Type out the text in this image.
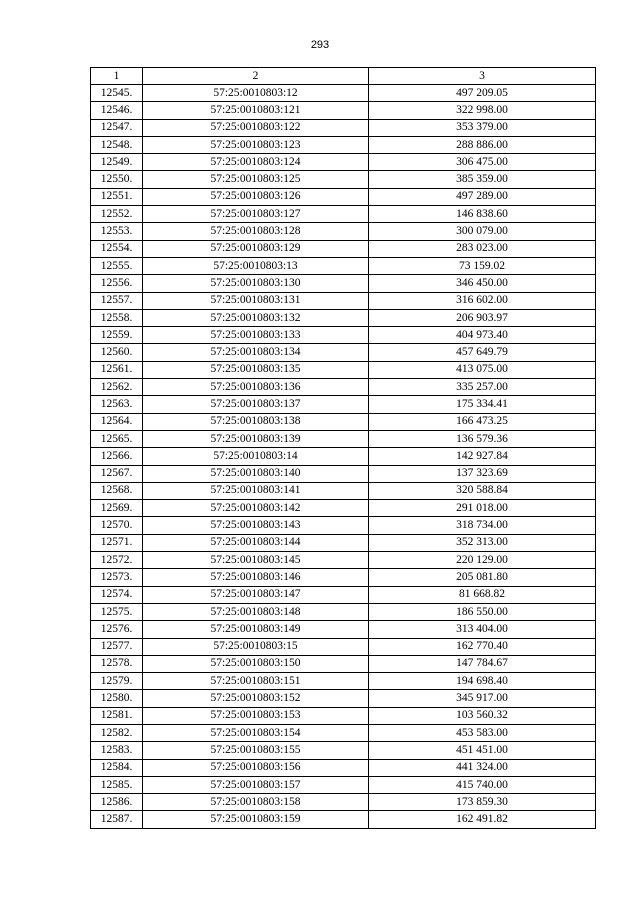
293
1	2	3
12545.	57:25:0010803:12	497 209.05
12546.	57:25:0010803:121	322 998.00
12547.	57:25:0010803:122	353 379.00
12548.	57:25:0010803:123	288 886.00
12549.	57:25:0010803:124	306 475.00
12550.	57:25:0010803:125	385 359.00
12551.	57:25:0010803:126	497 289.00
12552.	57:25:0010803:127	146 838.60
12553.	57:25:0010803:128	300 079.00
12554.	57:25:0010803:129	283 023.00
12555.	57:25:0010803:13	73 159.02
12556.	57:25:0010803:130	346 450.00
12557.	57:25:0010803:131	316 602.00
12558.	57:25:0010803:132	206 903.97
12559.	57:25:0010803:133	404 973.40
12560.	57:25:0010803:134	457 649.79
12561.	57:25:0010803:135	413 075.00
12562.	57:25:0010803:136	335 257.00
12563.	57:25:0010803:137	175 334.41
12564.	57:25:0010803:138	166 473.25
12565.	57:25:0010803:139	136 579.36
12566.	57:25:0010803:14	142 927.84
12567.	57:25:0010803:140	137 323.69
12568.	57:25:0010803:141	320 588.84
12569.	57:25:0010803:142	291 018.00
12570.	57:25:0010803:143	318 734.00
12571.	57:25:0010803:144	352 313.00
12572.	57:25:0010803:145	220 129.00
12573.	57:25:0010803:146	205 081.80
12574.	57:25:0010803:147	81 668.82
12575.	57:25:0010803:148	186 550.00
12576.	57:25:0010803:149	313 404.00
12577.	57:25:0010803:15	162 770.40
12578.	57:25:0010803:150	147 784.67
12579.	57:25:0010803:151	194 698.40
12580.	57:25:0010803:152	345 917.00
12581.	57:25:0010803:153	103 560.32
12582.	57:25:0010803:154	453 583.00
12583.	57:25:0010803:155	451 451.00
12584.	57:25:0010803:156	441 324.00
12585.	57:25:0010803:157	415 740.00
12586.	57:25:0010803:158	173 859.30
12587.	57:25:0010803:159	162 491.82
